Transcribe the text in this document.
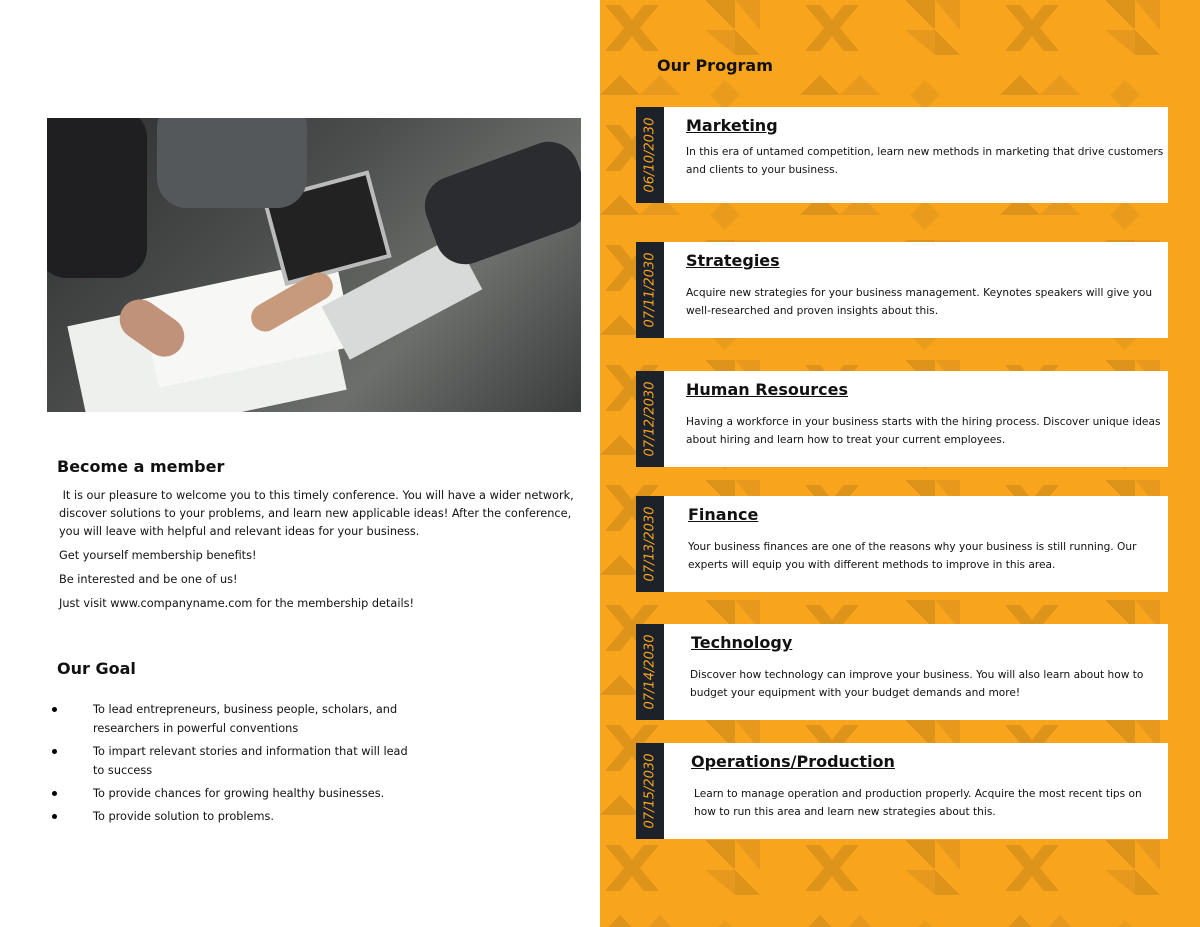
Become a member

It is our pleasure to welcome you to this timely conference. You will have a wider network, discover solutions to your problems, and learn new applicable ideas! After the conference, you will leave with helpful and relevant ideas for your business.

Get yourself membership benefits!

Be interested and be one of us!

Just visit www.companyname.com for the membership details!

Our Goal
To lead entrepreneurs, business people, scholars, and researchers in powerful conventions
To impart relevant stories and information that will lead to success
To provide chances for growing healthy businesses.
To provide solution to problems.
Our Program
06/10/2030 Marketing

In this era of untamed competition, learn new methods in marketing that drive customers and clients to your business.

07/11/2030 Strategies

Acquire new strategies for your business management. Keynotes speakers will give you well-researched and proven insights about this.

07/12/2030 Human Resources

Having a workforce in your business starts with the hiring process. Discover unique ideas about hiring and learn how to treat your current employees.

07/13/2030 Finance

Your business finances are one of the reasons why your business is still running. Our experts will equip you with different methods to improve in this area.

07/14/2030 Technology

Discover how technology can improve your business. You will also learn about how to budget your equipment with your budget demands and more!

07/15/2030 Operations/Production

Learn to manage operation and production properly. Acquire the most recent tips on how to run this area and learn new strategies about this.
